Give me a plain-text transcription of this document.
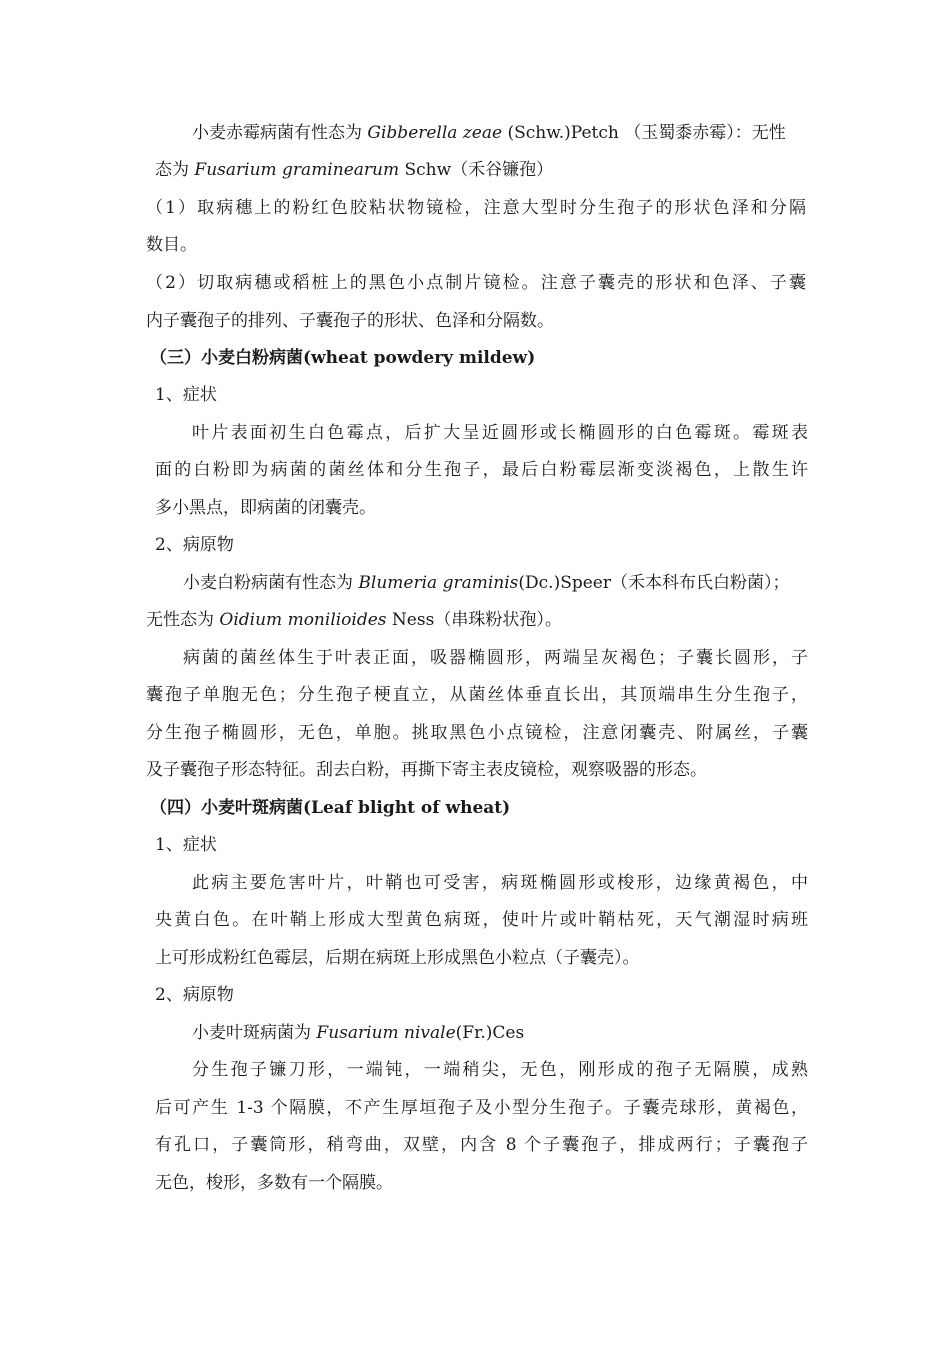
小麦赤霉病菌有性态为 Gibberella zeae (Schw.)Petch （玉蜀黍赤霉）：无性
态为 Fusarium graminearum Schw（禾谷镰孢）
（1）取病穗上的粉红色胶粘状物镜检，注意大型时分生孢子的形状色泽和分隔
数目。
（2）切取病穗或稻桩上的黑色小点制片镜检。注意子囊壳的形状和色泽、子囊
内子囊孢子的排列、子囊孢子的形状、色泽和分隔数。
（三）小麦白粉病菌(wheat powdery mildew)
1、症状
叶片表面初生白色霉点，后扩大呈近圆形或长椭圆形的白色霉斑。霉斑表
面的白粉即为病菌的菌丝体和分生孢子，最后白粉霉层渐变淡褐色，上散生许
多小黑点，即病菌的闭囊壳。
2、病原物
小麦白粉病菌有性态为 Blumeria graminis(Dc.)Speer（禾本科布氏白粉菌）；
无性态为 Oidium monilioides Ness（串珠粉状孢）。
病菌的菌丝体生于叶表正面，吸器椭圆形，两端呈灰褐色；子囊长圆形，子
囊孢子单胞无色；分生孢子梗直立，从菌丝体垂直长出，其顶端串生分生孢子，
分生孢子椭圆形，无色，单胞。挑取黑色小点镜检，注意闭囊壳、附属丝，子囊
及子囊孢子形态特征。刮去白粉，再撕下寄主表皮镜检，观察吸器的形态。
（四）小麦叶斑病菌(Leaf blight of wheat)
1、症状
此病主要危害叶片，叶鞘也可受害，病斑椭圆形或梭形，边缘黄褐色，中
央黄白色。在叶鞘上形成大型黄色病斑，使叶片或叶鞘枯死，天气潮湿时病班
上可形成粉红色霉层，后期在病斑上形成黑色小粒点（子囊壳）。
2、病原物
小麦叶斑病菌为 Fusarium nivale(Fr.)Ces
分生孢子镰刀形，一端钝，一端稍尖，无色，刚形成的孢子无隔膜，成熟
后可产生 1-3 个隔膜，不产生厚垣孢子及小型分生孢子。子囊壳球形，黄褐色，
有孔口，子囊筒形，稍弯曲，双壁，内含 8 个子囊孢子，排成两行；子囊孢子
无色，梭形，多数有一个隔膜。
